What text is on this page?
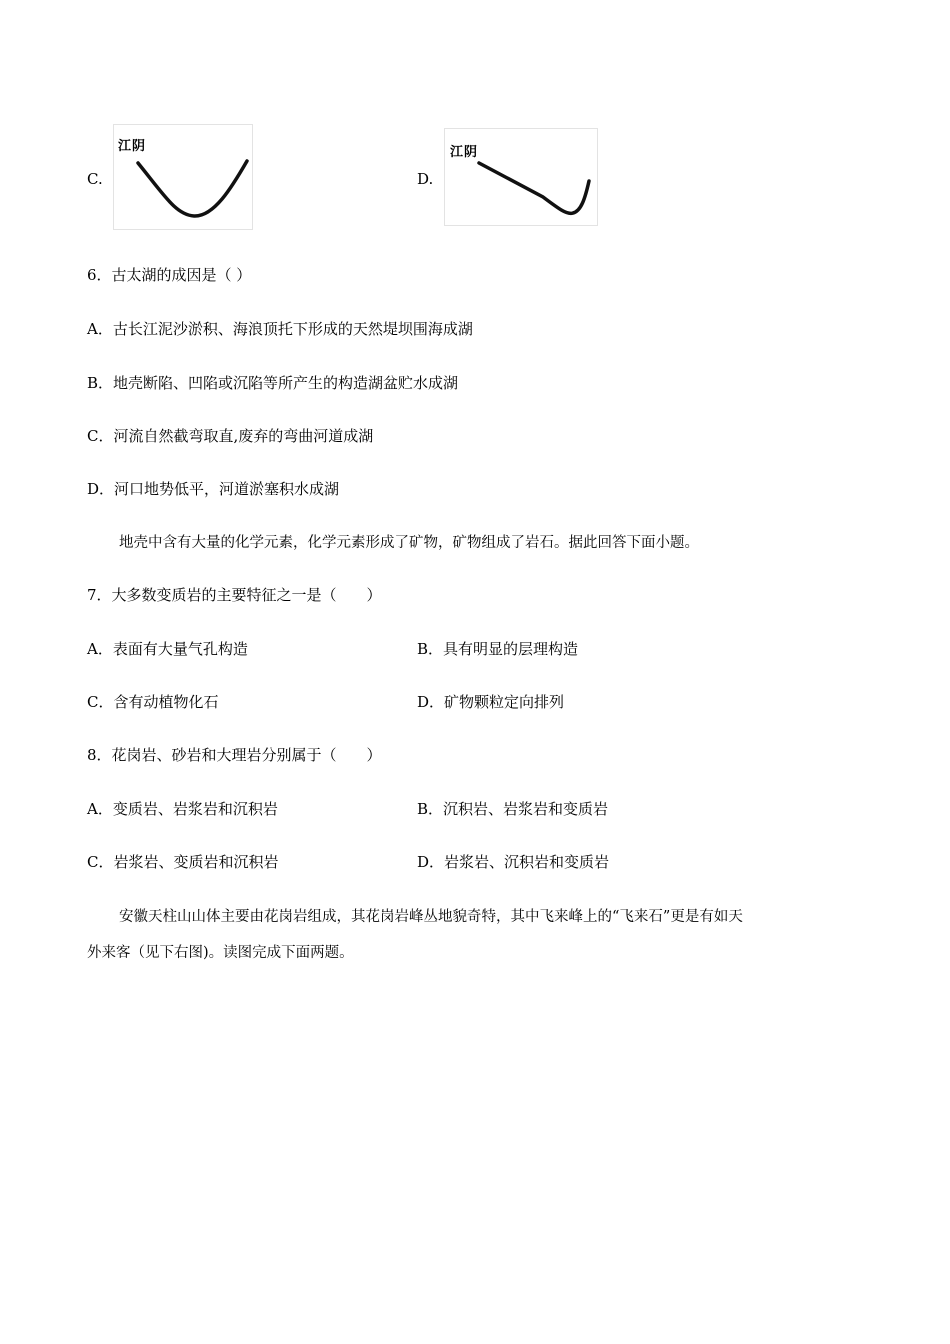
C.
江阴
D.
江阴
6．古太湖的成因是（ ）
A．古长江泥沙淤积、海浪顶托下形成的天然堤坝围海成湖
B．地壳断陷、凹陷或沉陷等所产生的构造湖盆贮水成湖
C．河流自然截弯取直,废弃的弯曲河道成湖
D．河口地势低平，河道淤塞积水成湖
地壳中含有大量的化学元素，化学元素形成了矿物，矿物组成了岩石。据此回答下面小题。
7．大多数变质岩的主要特征之一是（　　）
A．表面有大量气孔构造	B．具有明显的层理构造
C．含有动植物化石	D．矿物颗粒定向排列
8．花岗岩、砂岩和大理岩分别属于（　　）
A．变质岩、岩浆岩和沉积岩	B．沉积岩、岩浆岩和变质岩
C．岩浆岩、变质岩和沉积岩	D．岩浆岩、沉积岩和变质岩
安徽天柱山山体主要由花岗岩组成，其花岗岩峰丛地貌奇特，其中飞来峰上的“飞来石”更是有如天
外来客（见下右图)。读图完成下面两题。
